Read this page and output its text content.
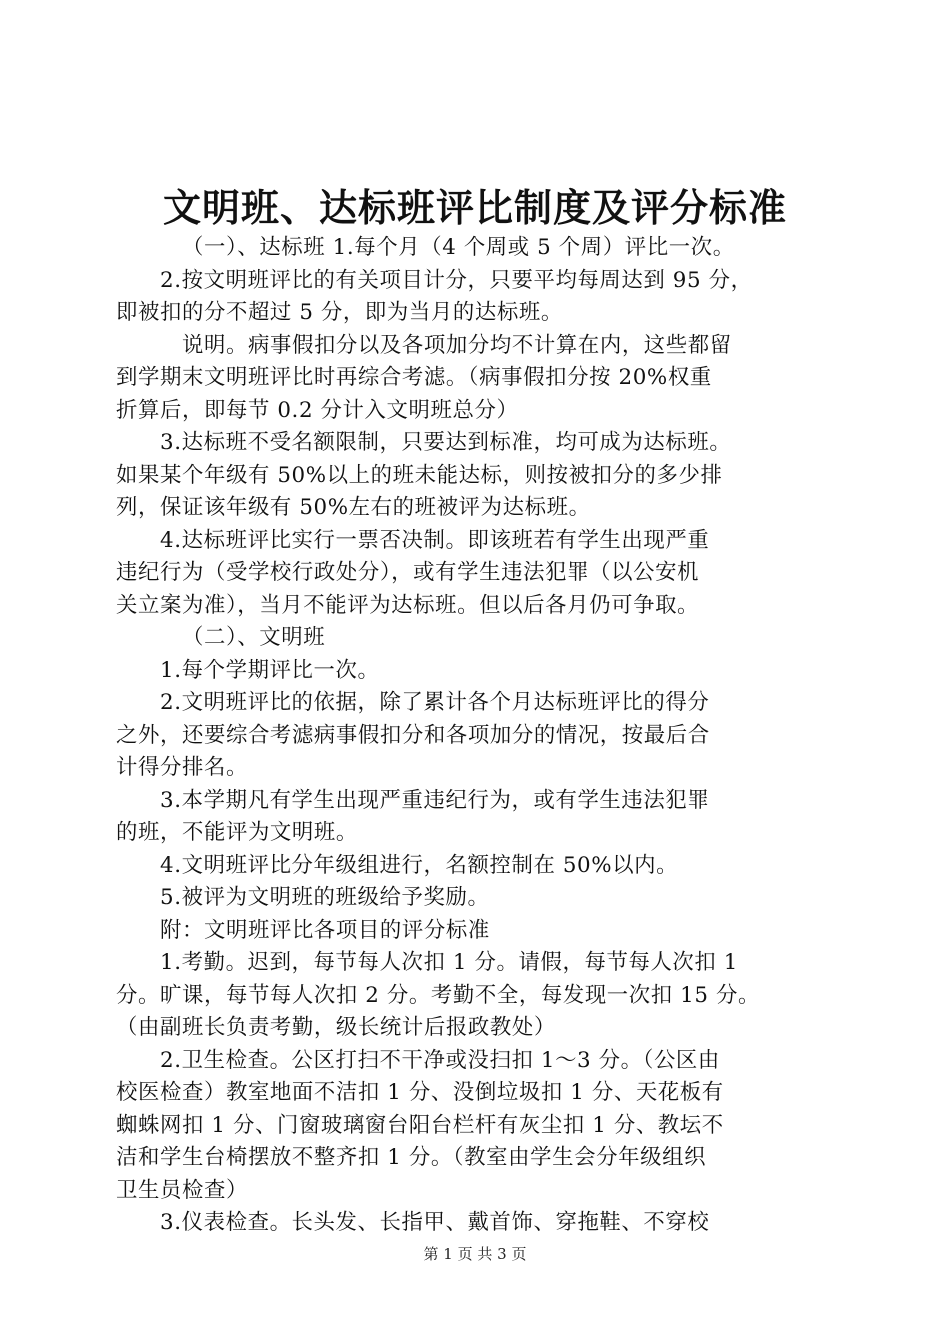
文明班、达标班评比制度及评分标准
（一）、达标班 1.每个月（4 个周或 5 个周）评比一次。
2.按文明班评比的有关项目计分，只要平均每周达到 95 分，
即被扣的分不超过 5 分，即为当月的达标班。
说明。病事假扣分以及各项加分均不计算在内，这些都留
到学期末文明班评比时再综合考滤。（病事假扣分按 20%权重
折算后，即每节 0.2 分计入文明班总分）
3.达标班不受名额限制，只要达到标准，均可成为达标班。
如果某个年级有 50%以上的班未能达标，则按被扣分的多少排
列，保证该年级有 50%左右的班被评为达标班。
4.达标班评比实行一票否决制。即该班若有学生出现严重
违纪行为（受学校行政处分），或有学生违法犯罪（以公安机
关立案为准），当月不能评为达标班。但以后各月仍可争取。
（二）、文明班
1.每个学期评比一次。
2.文明班评比的依据，除了累计各个月达标班评比的得分
之外，还要综合考滤病事假扣分和各项加分的情况，按最后合
计得分排名。
3.本学期凡有学生出现严重违纪行为，或有学生违法犯罪
的班，不能评为文明班。
4.文明班评比分年级组进行，名额控制在 50%以内。
5.被评为文明班的班级给予奖励。
附：文明班评比各项目的评分标准
1.考勤。迟到，每节每人次扣 1 分。请假，每节每人次扣 1
分。旷课，每节每人次扣 2 分。考勤不全，每发现一次扣 15 分。
（由副班长负责考勤，级长统计后报政教处）
2.卫生检查。公区打扫不干净或没扫扣 1～3 分。（公区由
校医检查）教室地面不洁扣 1 分、没倒垃圾扣 1 分、天花板有
蜘蛛网扣 1 分、门窗玻璃窗台阳台栏杆有灰尘扣 1 分、教坛不
洁和学生台椅摆放不整齐扣 1 分。（教室由学生会分年级组织
卫生员检查）
3.仪表检查。长头发、长指甲、戴首饰、穿拖鞋、不穿校
第 1 页 共 3 页
